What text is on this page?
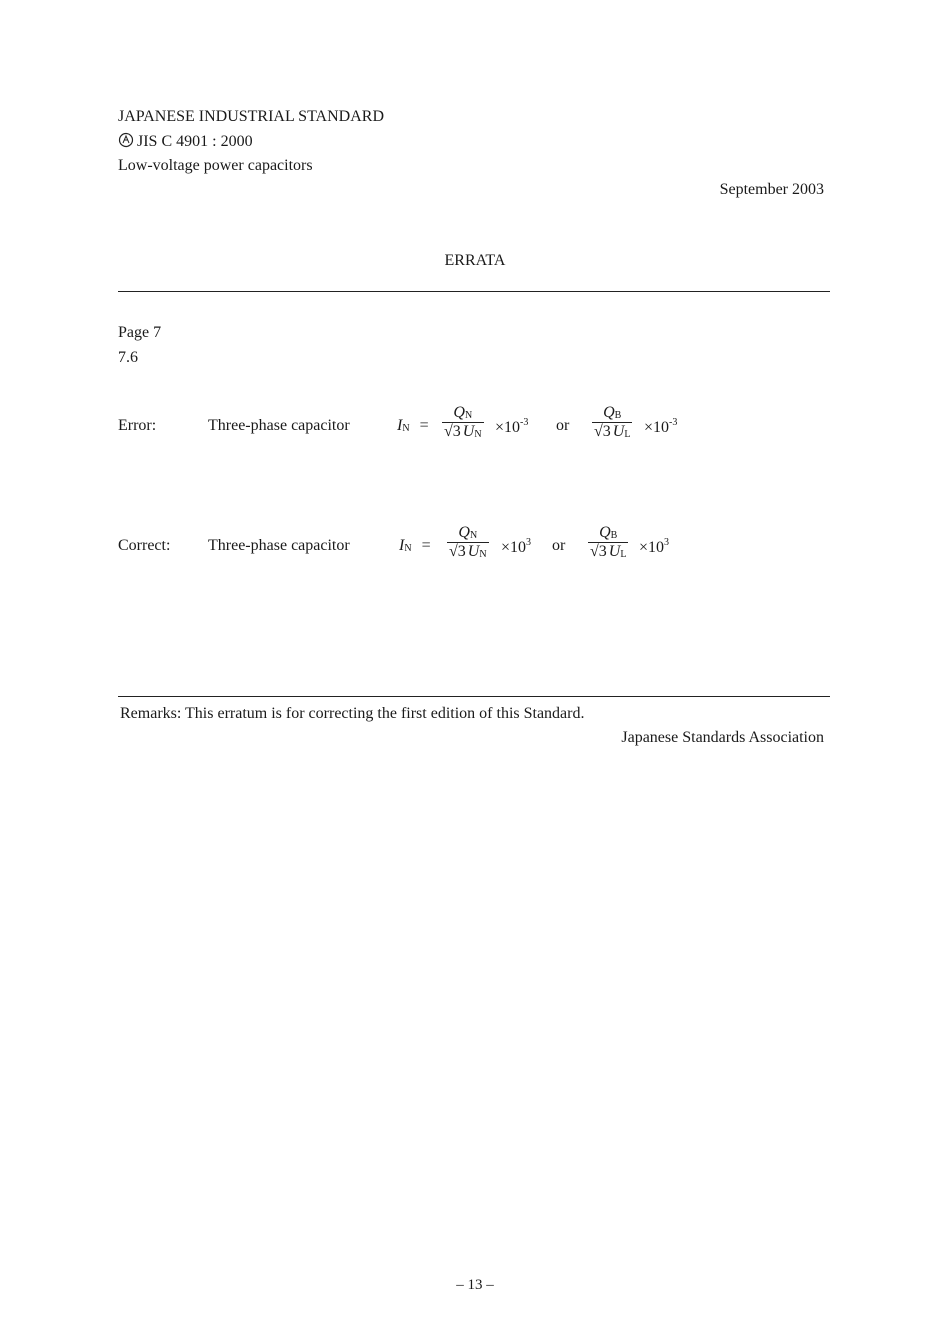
JAPANESE INDUSTRIAL STANDARD
JIS C 4901 : 2000
Low-voltage power capacitors
September 2003
ERRATA
Page 7
7.6
Error:	Three-phase capacitor	IN = $\frac{QN}{√3 UN} \times 10^{-3}$ or $\frac{QB}{√3 UL} \times 10^{-3}$
Correct: Three-phase capacitor	IN = $\frac{QN}{√3 UN} \times 10^3$ or $\frac{QB}{√3 UL} \times 10^3$
Remarks: This erratum is for correcting the first edition of this Standard.
Japanese Standards Association
– 13 –
